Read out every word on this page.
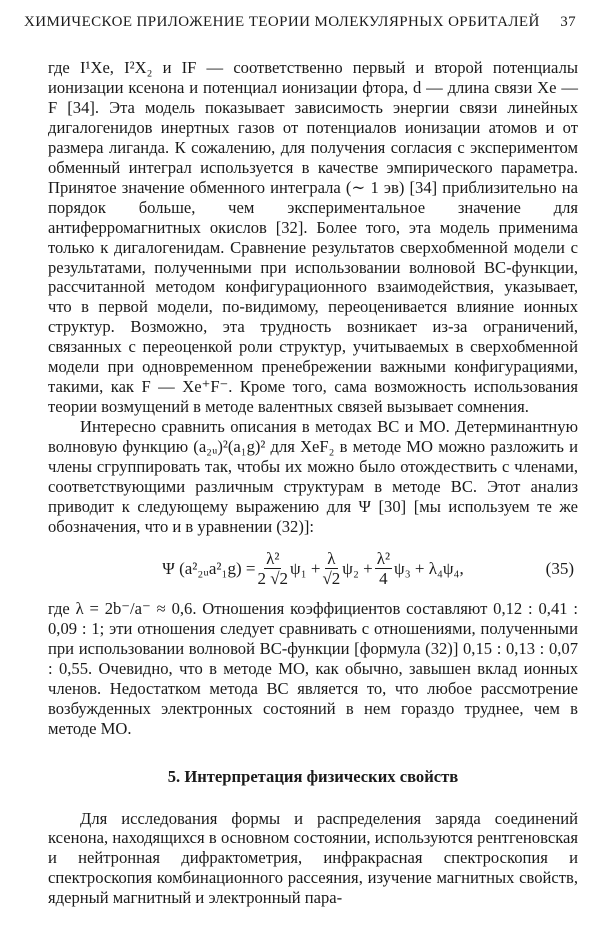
ХИМИЧЕСКОЕ ПРИЛОЖЕНИЕ ТЕОРИИ МОЛЕКУЛЯРНЫХ ОРБИТАЛЕЙ 37

где I¹Xe, I²X₂ и IF — соответственно первый и второй потенциалы ионизации ксенона и потенциал ионизации фтора, d — длина связи Xe — F [34]. Эта модель показывает зависимость энергии связи линейных дигалогенидов инертных газов от потенциалов ионизации атомов и от размера лиганда. К сожалению, для получения согласия с экспериментом обменный интеграл используется в качестве эмпирического параметра. Принятое значение обменного интеграла (∼ 1 эв) [34] приблизительно на порядок больше, чем экспериментальное значение для антиферромагнитных окислов [32]. Более того, эта модель применима только к дигалогенидам. Сравнение результатов сверхобменной модели с результатами, полученными при использовании волновой ВС-функции, рассчитанной методом конфигурационного взаимодействия, указывает, что в первой модели, по-видимому, переоценивается влияние ионных структур. Возможно, эта трудность возникает из-за ограничений, связанных с переоценкой роли структур, учитываемых в сверхобменной модели при одновременном пренебрежении важными конфигурациями, такими, как F — Xe⁺F⁻. Кроме того, сама возможность использования теории возмущений в методе валентных связей вызывает сомнения.

Интересно сравнить описания в методах ВС и МО. Детерминантную волновую функцию (a₂ᵤ)²(a₁g)² для XeF₂ в методе МО можно разложить и члены сгруппировать так, чтобы их можно было отождествить с членами, соответствующими различным структурам в методе ВС. Этот анализ приводит к следующему выражению для Ψ [30] [мы используем те же обозначения, что и в уравнении (32)]:

Ψ (a²₂ᵤa²₁g) = $\frac{\text{λ²}}{2 √2} \psi_1 + \frac{\lambda}{√2} \psi_2 + \frac{\text{λ²}}{4} \psi_3 + \lambda_4\psi_4$,	(35)

где λ = 2b⁻/a⁻ ≈ 0,6. Отношения коэффициентов составляют 0,12 : 0,41 : 0,09 : 1; эти отношения следует сравнивать с отношениями, полученными при использовании волновой ВС-функции [формула (32)] 0,15 : 0,13 : 0,07 : 0,55. Очевидно, что в методе МО, как обычно, завышен вклад ионных членов. Недостатком метода ВС является то, что любое рассмотрение возбужденных электронных состояний в нем гораздо труднее, чем в методе МО.

5. Интерпретация физических свойств

Для исследования формы и распределения заряда соединений ксенона, находящихся в основном состоянии, используются рентгеновская и нейтронная дифрактометрия, инфракрасная спектроскопия и спектроскопия комбинационного рассеяния, изучение магнитных свойств, ядерный магнитный и электронный пара-
